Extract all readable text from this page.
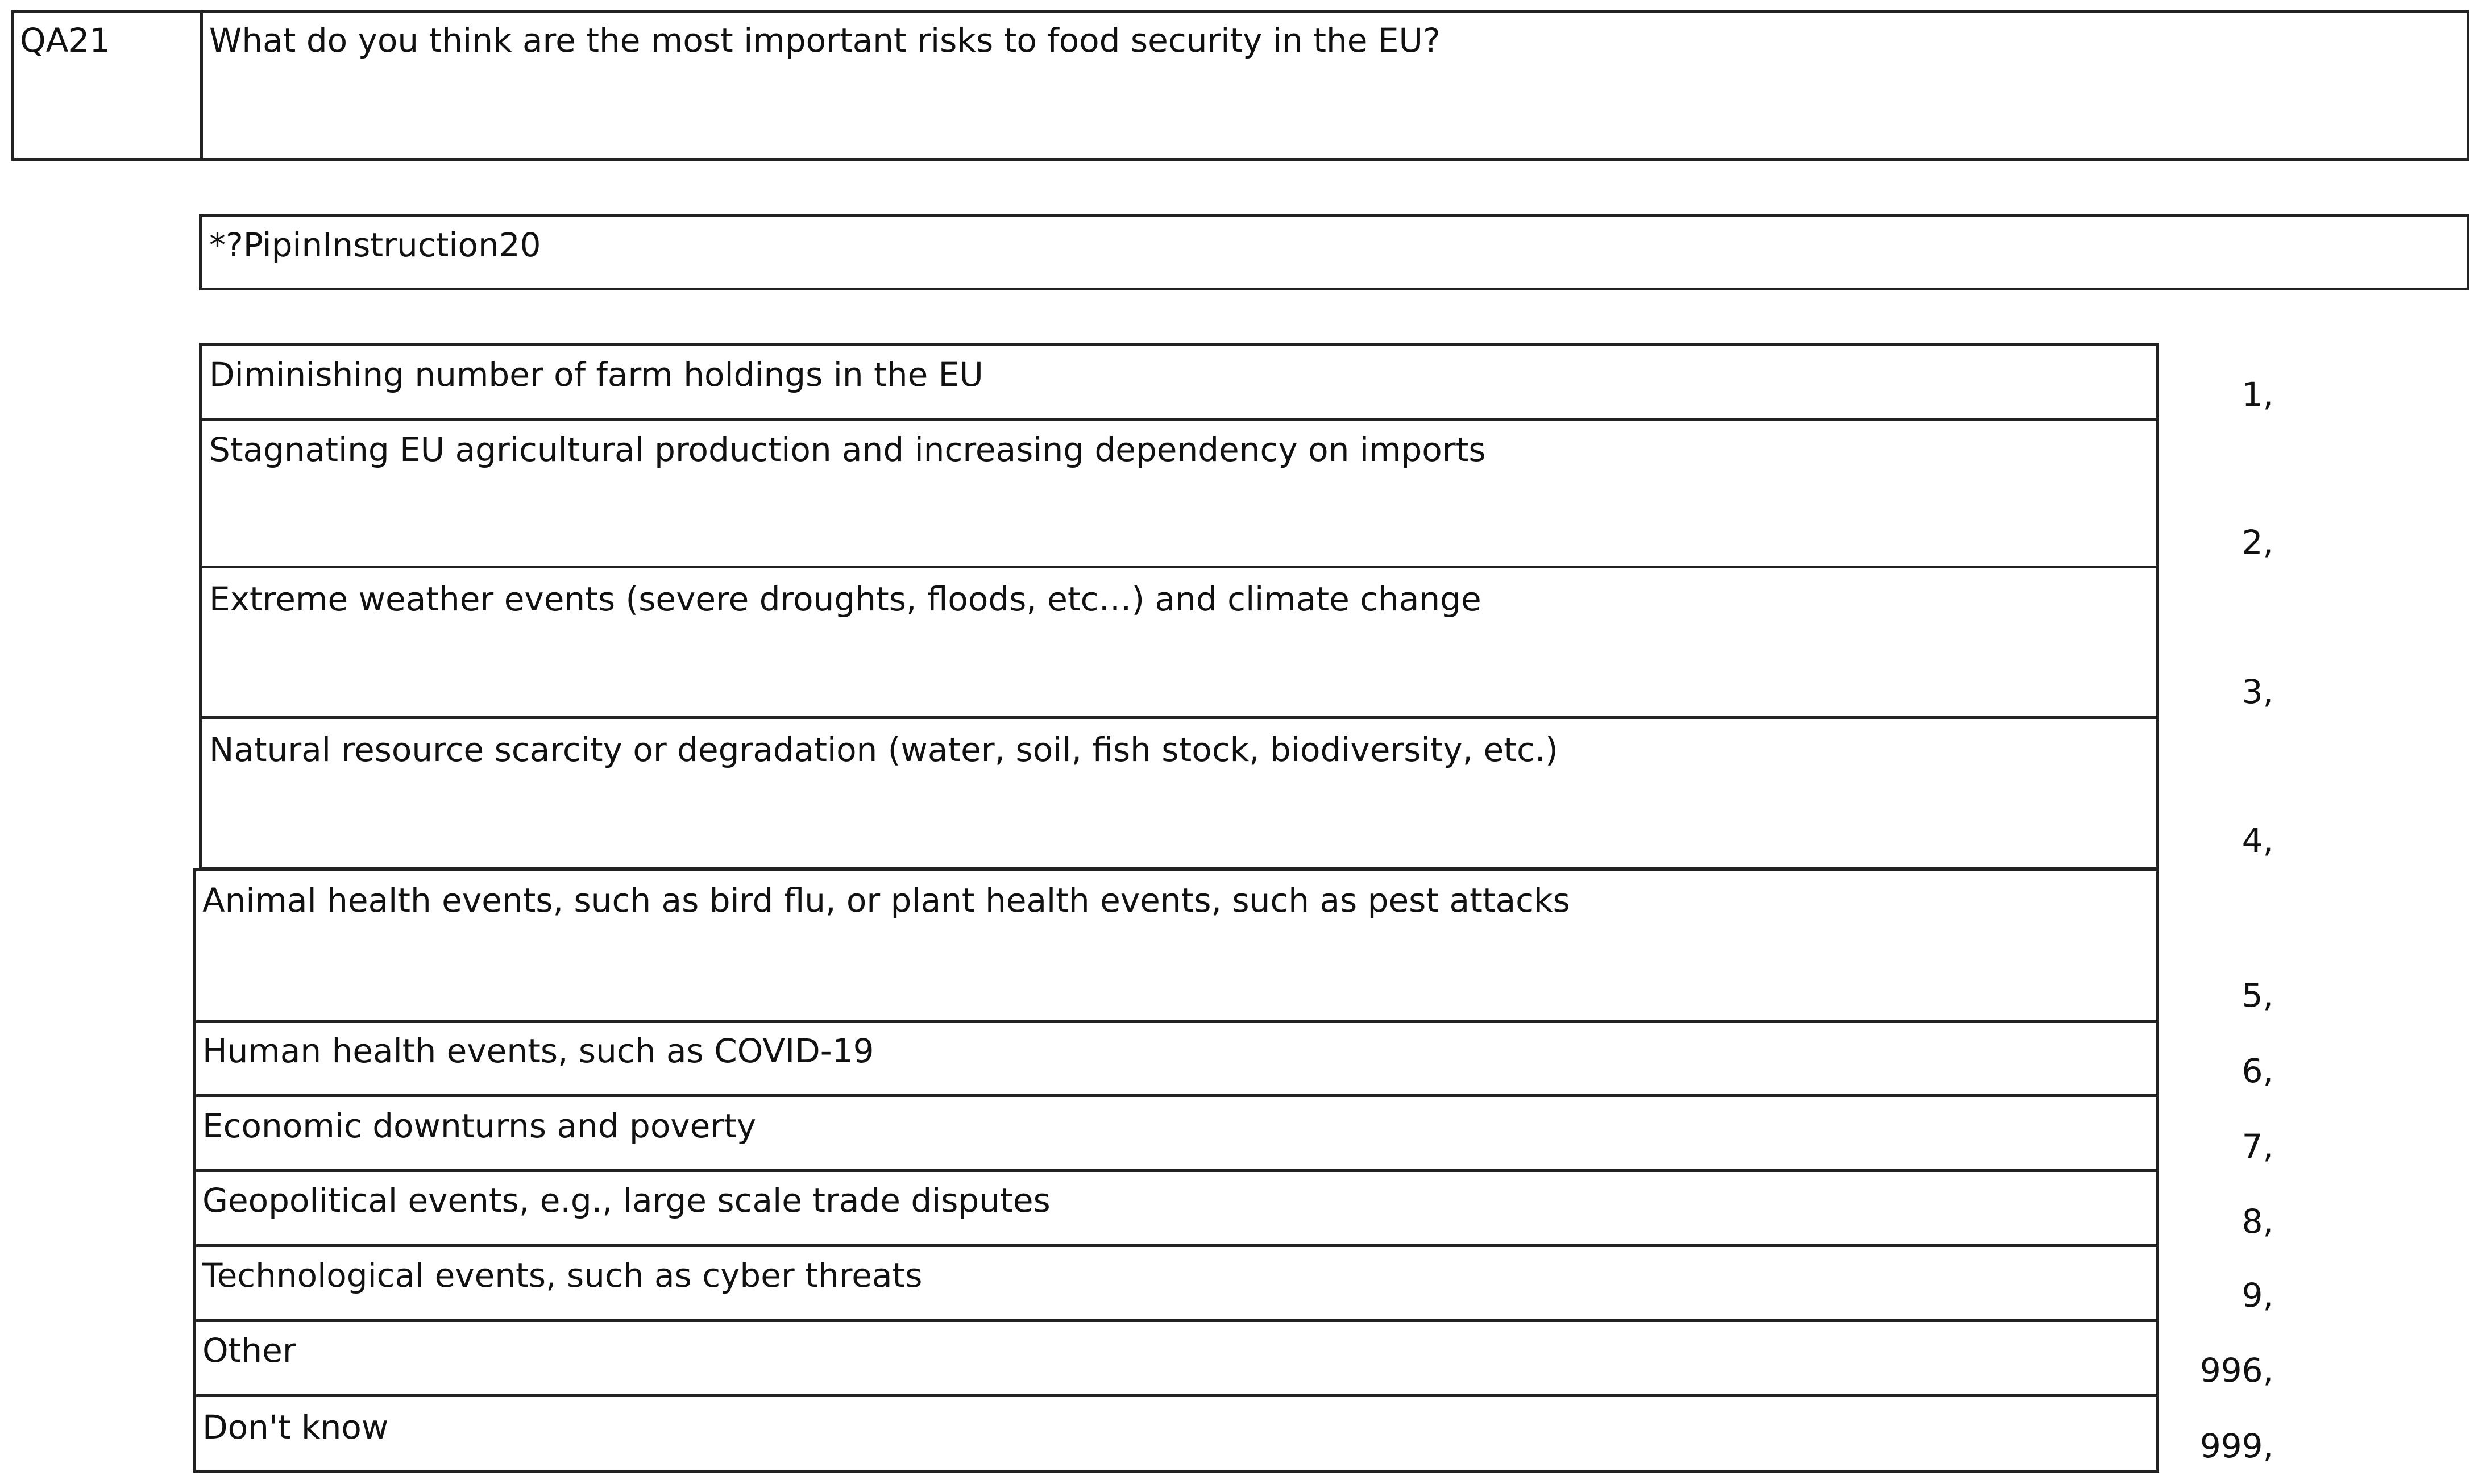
QA21	What do you think are the most important risks to food security in the EU?
*?PipinInstruction20
Diminishing number of farm holdings in the EU
1,
Stagnating EU agricultural production and increasing dependency on imports
2,
Extreme weather events (severe droughts, floods, etc…) and climate change
3,
Natural resource scarcity or degradation (water, soil, fish stock, biodiversity, etc.)
4,
Animal health events, such as bird flu, or plant health events, such as pest attacks
5,
Human health events, such as COVID-19
6,
Economic downturns and poverty
7,
Geopolitical events, e.g., large scale trade disputes
8,
Technological events, such as cyber threats
9,
Other
996,
Don't know	999,
